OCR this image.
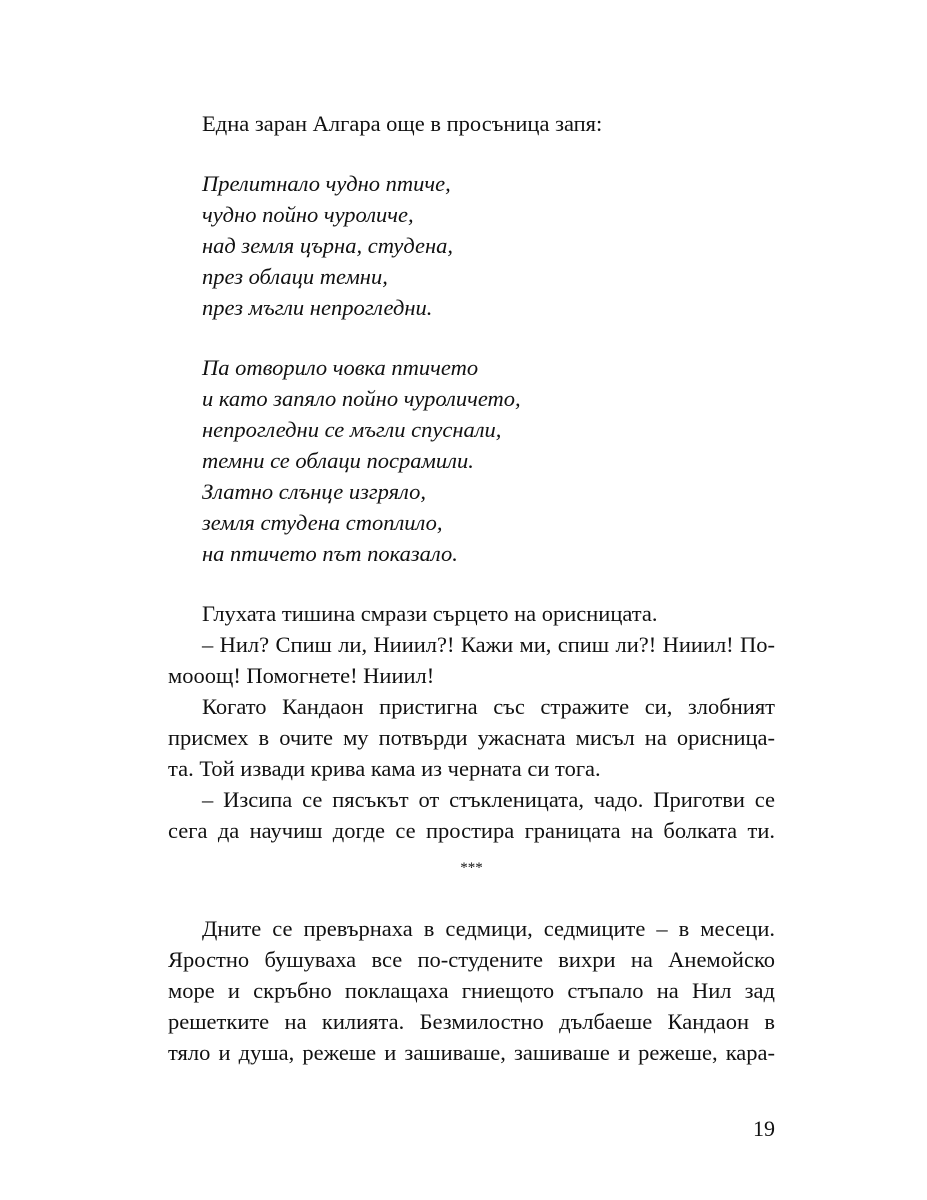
Една заран Алгара още в просъница запя:
Прелитнало чудно птиче,
чудно пойно чуроличе,
над земля църна, студена,
през облаци темни,
през мъгли непрогледни.
Па отворило човка птичето
и като запяло пойно чуроличето,
непрогледни се мъгли спуснали,
темни се облаци посрамили.
Златно слънце изгряло,
земля студена стоплило,
на птичето път показало.
Глухата тишина смрази сърцето на орисницата.
– Нил? Спиш ли, Нииил?! Кажи ми, спиш ли?! Нииил! По-
мооощ! Помогнете! Нииил!
Когато Кандаон пристигна със стражите си, злобният
присмех в очите му потвърди ужасната мисъл на орисница-
та. Той извади крива кама из черната си тога.
– Изсипа се пясъкът от стъкленицата, чадо. Приготви се
сега да научиш догде се простира границата на болката ти.
***
Дните се превърнаха в седмици, седмиците – в месеци.
Яростно бушуваха все по-студените вихри на Анемойско
море и скръбно поклащаха гниещото стъпало на Нил зад
решетките на килията. Безмилостно дълбаеше Кандаон в
тяло и душа, режеше и зашиваше, зашиваше и режеше, кара-
19
